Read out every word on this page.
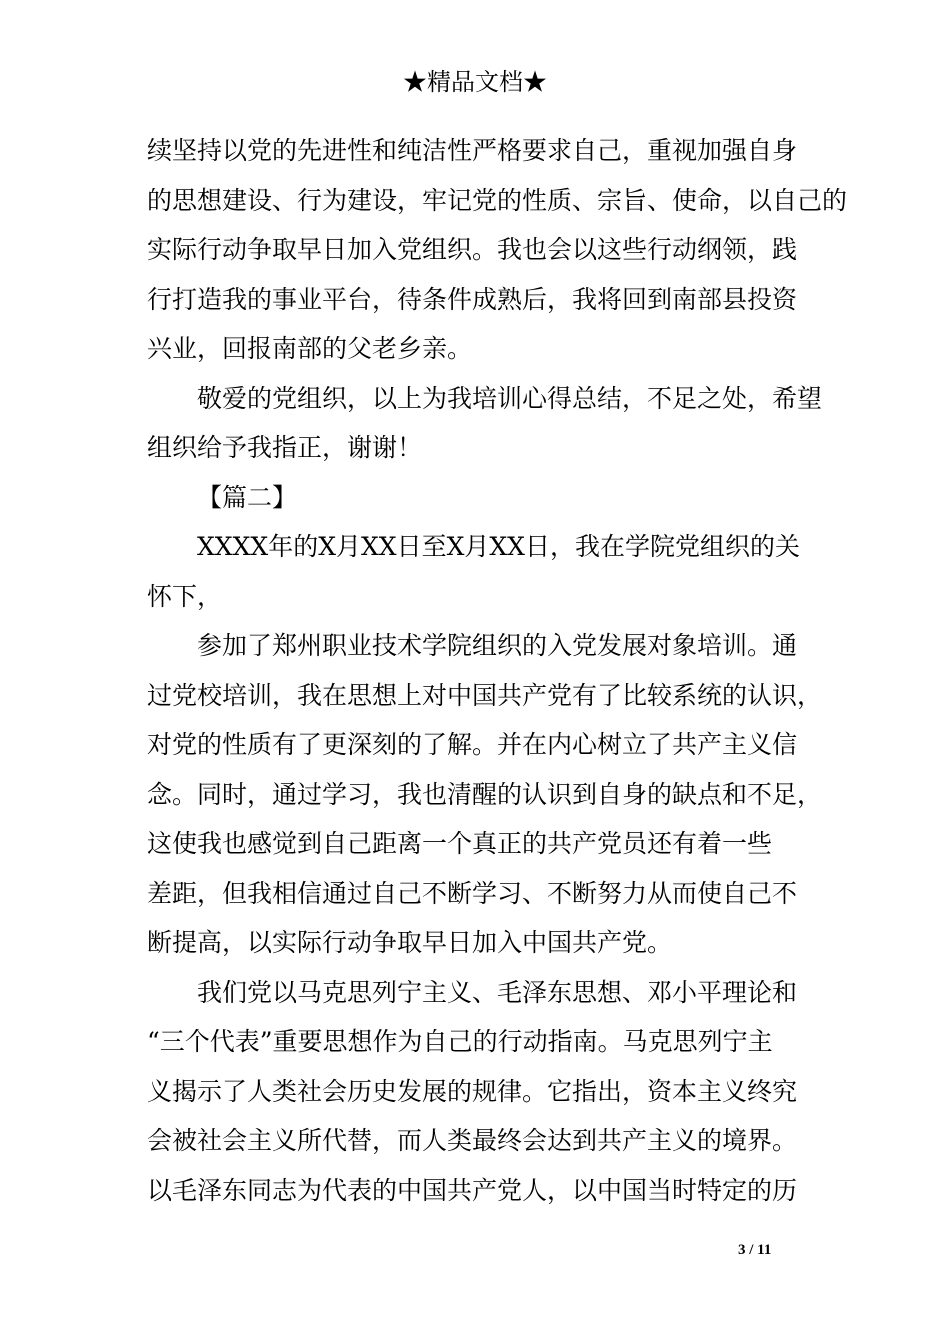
★精品文档★
续坚持以党的先进性和纯洁性严格要求自己，重视加强自身
的思想建设、行为建设，牢记党的性质、宗旨、使命，以自己的
实际行动争取早日加入党组织。我也会以这些行动纲领，践
行打造我的事业平台，待条件成熟后，我将回到南部县投资
兴业，回报南部的父老乡亲。
敬爱的党组织，以上为我培训心得总结，不足之处，希望
组织给予我指正，谢谢！
【篇二】
XXXX年的X月XX日至X月XX日，我在学院党组织的关
怀下，
参加了郑州职业技术学院组织的入党发展对象培训。通
过党校培训，我在思想上对中国共产党有了比较系统的认识，
对党的性质有了更深刻的了解。并在内心树立了共产主义信
念。同时，通过学习，我也清醒的认识到自身的缺点和不足，
这使我也感觉到自己距离一个真正的共产党员还有着一些
差距，但我相信通过自己不断学习、不断努力从而使自己不
断提高，以实际行动争取早日加入中国共产党。
我们党以马克思列宁主义、毛泽东思想、邓小平理论和
“三个代表”重要思想作为自己的行动指南。马克思列宁主
义揭示了人类社会历史发展的规律。它指出，资本主义终究
会被社会主义所代替，而人类最终会达到共产主义的境界。
以毛泽东同志为代表的中国共产党人，以中国当时特定的历
3 / 11
